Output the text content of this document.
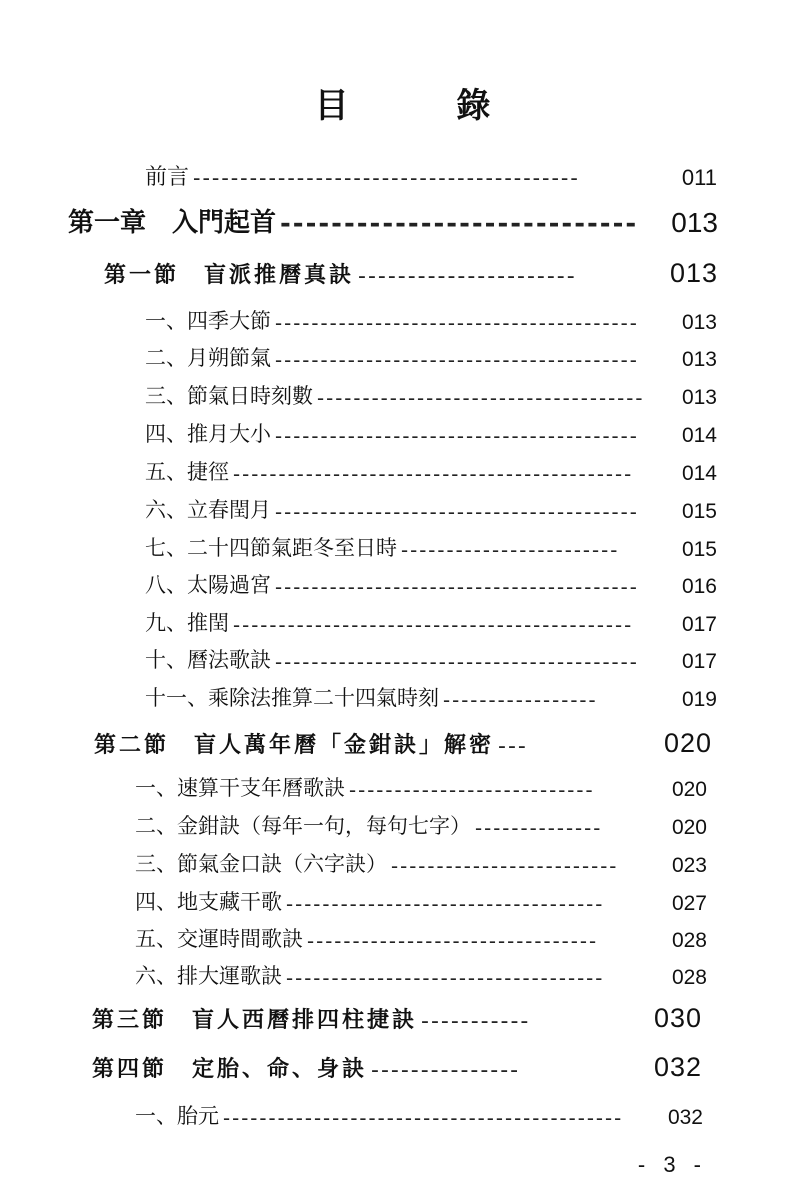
目 錄
前言 -----------------------------------------	011
第一章　入門起首 ----------------------------	013
第一節　盲派推曆真訣 ----------------------	013
一、四季大節 ----------------------------------------	013
二、月朔節氣 ----------------------------------------	013
三、節氣日時刻數 ------------------------------------	013
四、推月大小 ----------------------------------------	014
五、捷徑 --------------------------------------------	014
六、立春閏月 ----------------------------------------	015
七、二十四節氣距冬至日時 ------------------------	015
八、太陽過宮 ----------------------------------------	016
九、推閏 --------------------------------------------	017
十、曆法歌訣 ----------------------------------------	017
十一、乘除法推算二十四氣時刻 -----------------	019
第二節　盲人萬年曆「金鉗訣」解密 ---	020
一、速算干支年曆歌訣 ---------------------------	020
二、金鉗訣（每年一句，每句七字） --------------	020
三、節氣金口訣（六字訣） -------------------------	023
四、地支藏干歌 -----------------------------------	027
五、交運時間歌訣 --------------------------------	028
六、排大運歌訣 -----------------------------------	028
第三節　盲人西曆排四柱捷訣 -----------	030
第四節　定胎、命、身訣 ---------------	032
一、胎元 --------------------------------------------	032
- 3 -
